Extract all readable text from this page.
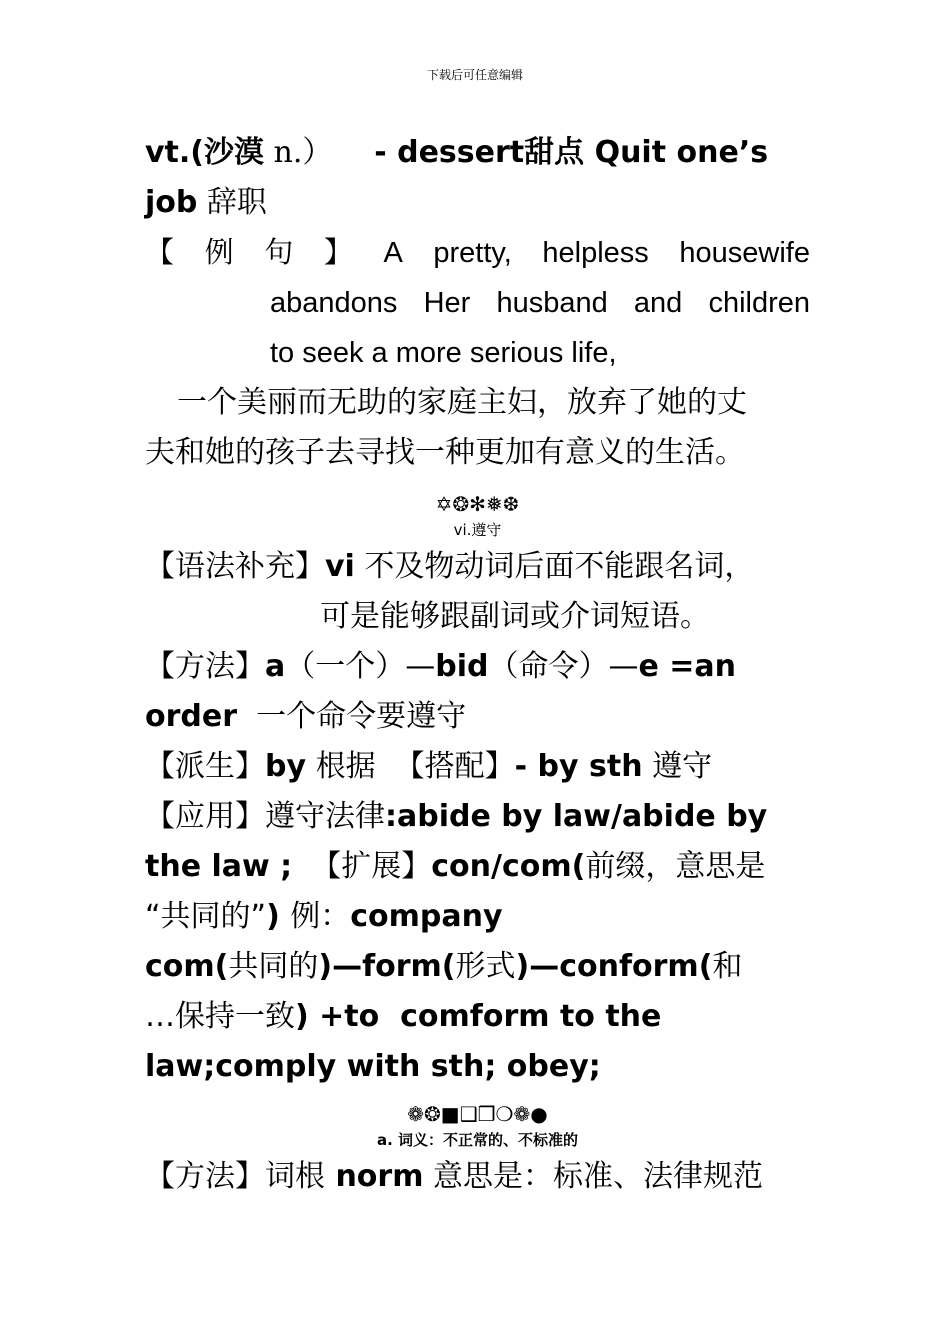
下载后可任意编辑
vt.(沙漠 n.）    - dessert甜点 Quit one’s
job 辞职
【 例 句 】 A pretty, helpless housewife
abandons Her husband and children
to seek a more serious life,
一个美丽而无助的家庭主妇，放弃了她的丈
夫和她的孩子去寻找一种更加有意义的生活。
✡❂✻❅❆
vi.遵守
【语法补充】vi 不及物动词后面不能跟名词，
可是能够跟副词或介词短语。
【方法】a（一个）—bid（命令）—e =an
order  一个命令要遵守
【派生】by 根据  【搭配】- by sth 遵守
【应用】遵守法律:abide by law/abide by
the law ;  【扩展】con/com(前缀，意思是
“共同的”) 例：company
com(共同的)—form(形式)—conform(和
…保持一致) +to  comform to the
law;comply with sth; obey;
❁❂■❑❒❍❁●
a. 词义：不正常的、不标准的
【方法】词根 norm 意思是：标准、法律规范
